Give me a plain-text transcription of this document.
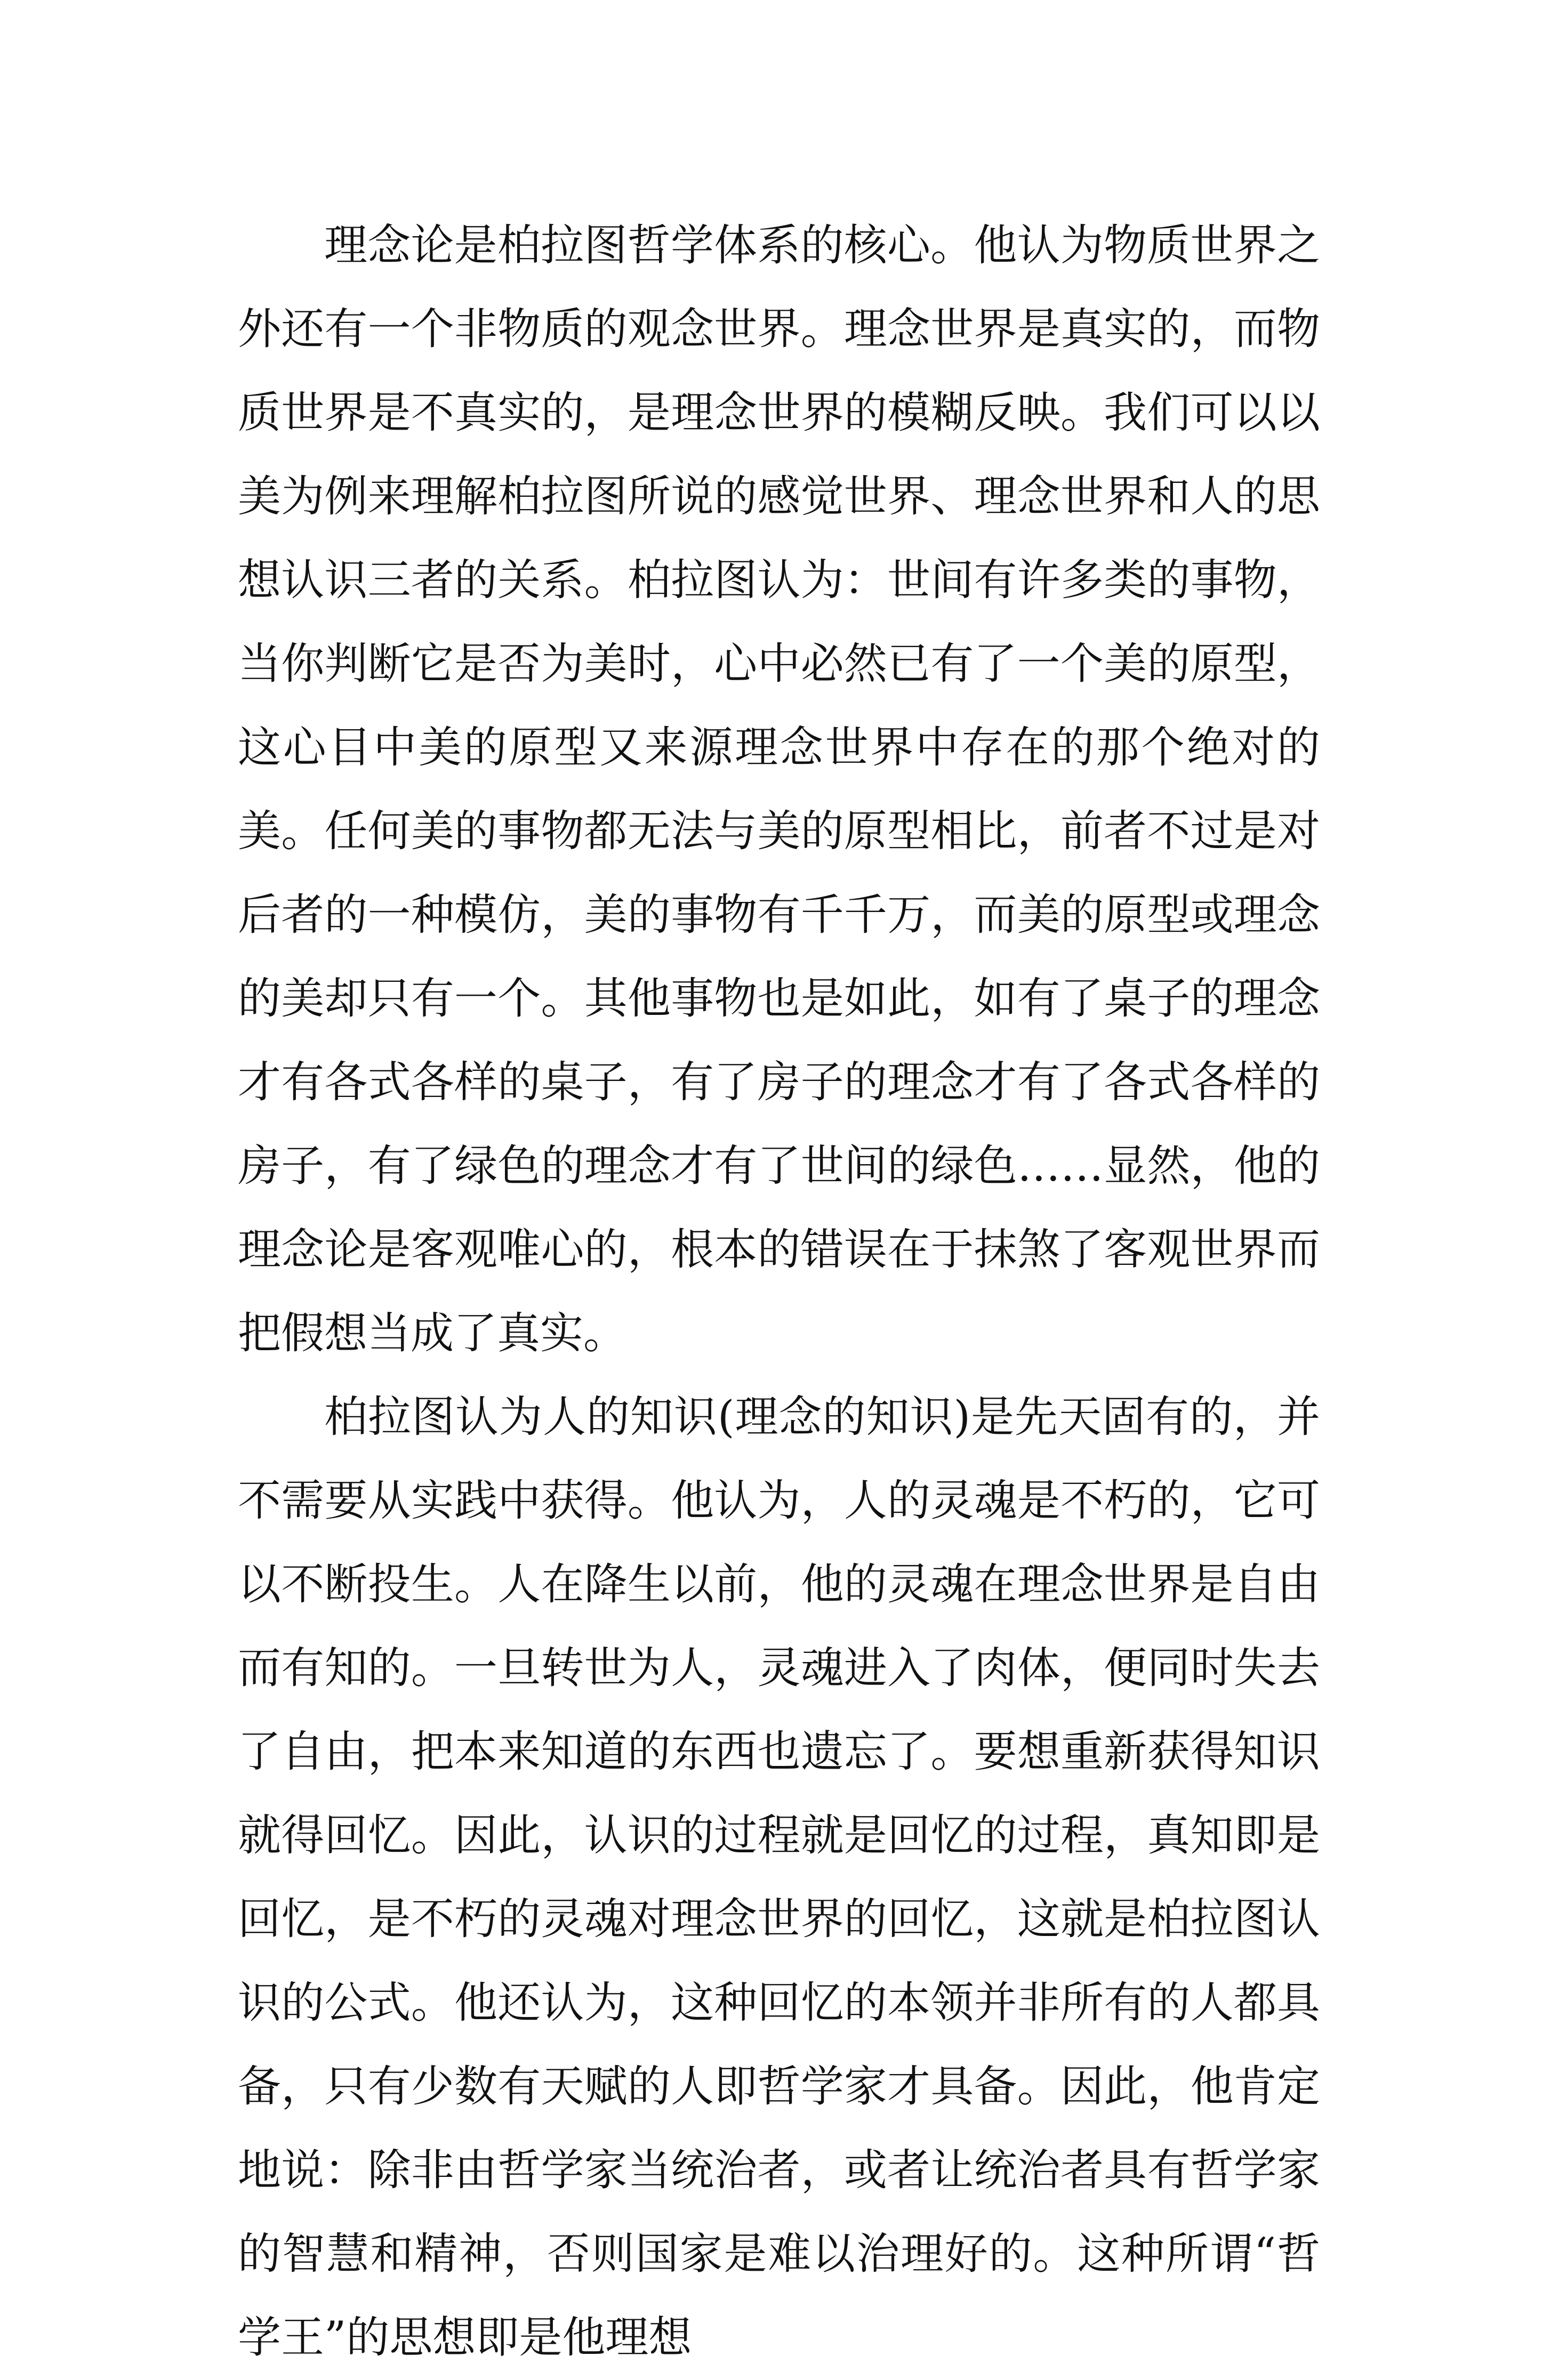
理念论是柏拉图哲学体系的核心。他认为物质世界之外还有一个非物质的观念世界。理念世界是真实的，而物质世界是不真实的，是理念世界的模糊反映。我们可以以美为例来理解柏拉图所说的感觉世界、理念世界和人的思想认识三者的关系。柏拉图认为：世间有许多类的事物，当你判断它是否为美时，心中必然已有了一个美的原型，这心目中美的原型又来源理念世界中存在的那个绝对的美。任何美的事物都无法与美的原型相比，前者不过是对后者的一种模仿，美的事物有千千万，而美的原型或理念的美却只有一个。其他事物也是如此，如有了桌子的理念才有各式各样的桌子，有了房子的理念才有了各式各样的房子，有了绿色的理念才有了世间的绿色……显然，他的理念论是客观唯心的，根本的错误在于抹煞了客观世界而把假想当成了真实。

柏拉图认为人的知识(理念的知识)是先天固有的，并不需要从实践中获得。他认为，人的灵魂是不朽的，它可以不断投生。人在降生以前，他的灵魂在理念世界是自由而有知的。一旦转世为人，灵魂进入了肉体，便同时失去了自由，把本来知道的东西也遗忘了。要想重新获得知识就得回忆。因此，认识的过程就是回忆的过程，真知即是回忆，是不朽的灵魂对理念世界的回忆，这就是柏拉图认识的公式。他还认为，这种回忆的本领并非所有的人都具备，只有少数有天赋的人即哲学家才具备。因此，他肯定地说：除非由哲学家当统治者，或者让统治者具有哲学家的智慧和精神，否则国家是难以治理好的。这种所谓“哲学王”的思想即是他理想
